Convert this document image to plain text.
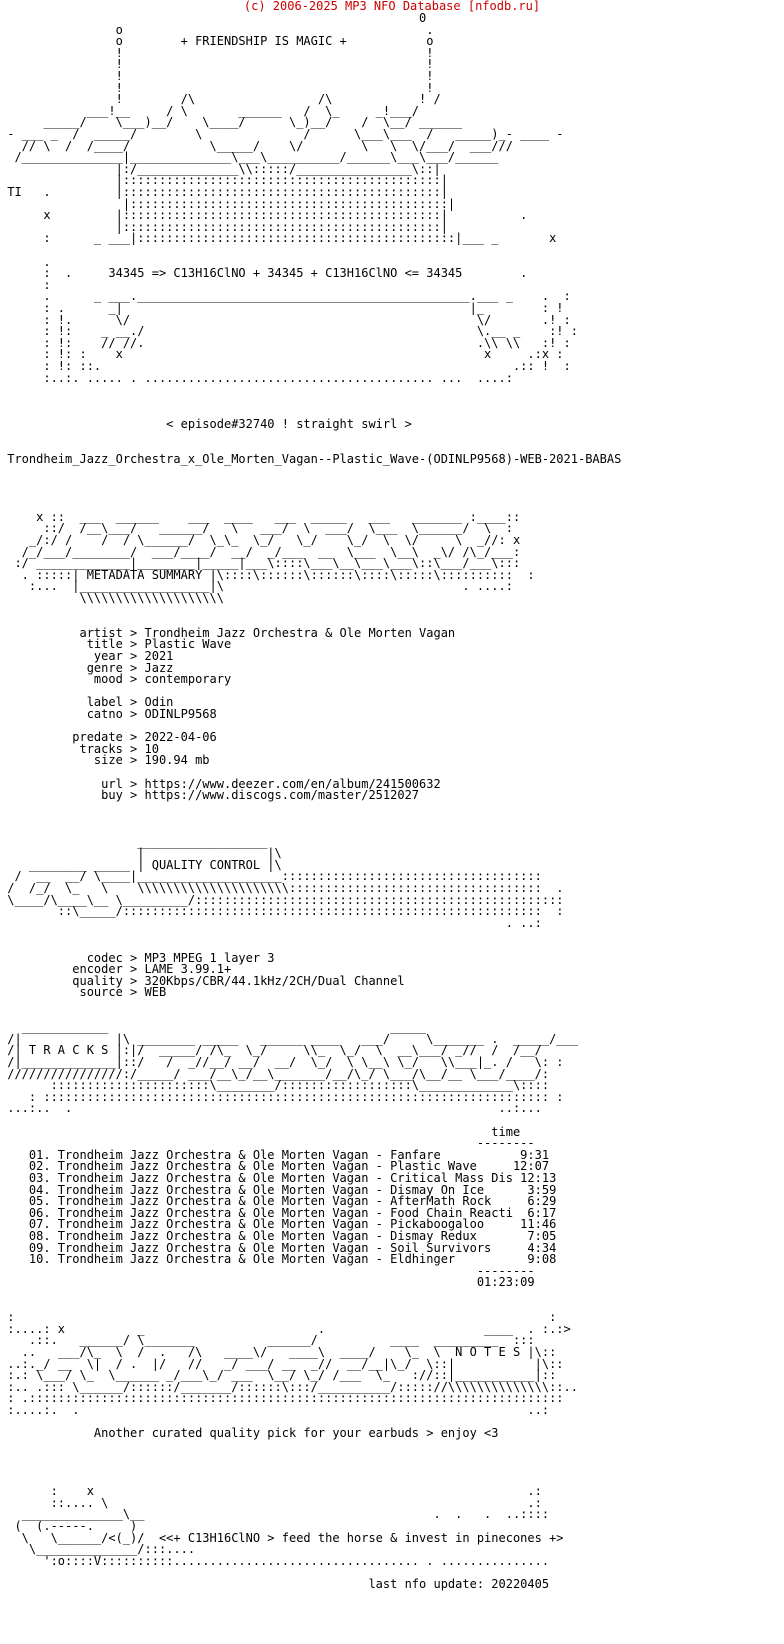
(c) 2006-2025 MP3 NFO Database [nfodb.ru]
0
o                                          .
o        + FRIENDSHIP IS MAGIC +           o
!                                          !
!                                          !
!                                          !
!                                          !
!        /\                 /\            ! /
___!__     / \       ______   /  \_     _!___/
_____/    \___)__/    \____/      \_)__/    /  \__/ ______
- ___ _  /  _____/        \              /      \___\___  /   _____)_- ____ -
// \  /  /____/           \_____/    \/        \   \  \/___/  ___///
/______________|______________\___\__________/______\___\___/______
|:/______________\\:::::/________________\::|
|::::::::::::::::::::::::::::::::::::::::::::|
TI   .         |::::::::::::::::::::::::::::::::::::::::::::|
|::::::::::::::::::::::::::::::::::::::::::::|
x         |::::::::::::::::::::::::::::::::::::::::::::|          .
|::::::::::::::::::::::::::::::::::::::::::::|
:      _ ___|::::::::::::::::::::::::::::::::::::::::::::|___ _       x
.
:  .     34345 => C13H16ClNO + 34345 + C13H16ClNO <= 34345        .
:
.      _ ___.______________________________________________.___ _    .  :
: .      _|                                                |_        : !
: !.      \/                                                \/       .! :
: !:    _ __./                                              \.__ _    :! :
: !:    // //.                                              .\\ \\   :! :
: !: :    x                                                  x     .:x :
: !: ::.                                                         .:: !  :
:..:. ..... . ........................................ ...  ....:
< episode#32740 ! straight swirl >
Trondheim_Jazz_Orchestra_x_Ole_Morten_Vagan--Plastic_Wave-(ODINLP9568)-WEB-2021-BABAS
x ::  ___  ______    ___  ____   ___  _____   ___   _______ :____::
::/  /__\___/   ______/   \   ___/  \  ___/  \___  \______/  \  :
_/:/ /    /  / \______/  \_\_  \_/   \_/    \_/  \  \/     \  _//: x
/_/___/________/  ___/____/  __/  _/___  __  \___  \__\  _\/ /\_/___:
:/ _____________|________|_____|___\::::\___\__\___\___\::\___/___\:::
. :::::| METADATA SUMMARY |\::::\::::::\::::::\::::\:::::\::::::::::  :
:...  |__________________|\                                 . ....:
\\\\\\\\\\\\\\\\\\\\
artist > Trondheim Jazz Orchestra & Ole Morten Vagan
title > Plastic Wave
year > 2021
genre > Jazz
mood > contemporary
label > Odin
catno > ODINLP9568
predate > 2022-04-06
tracks > 10
size > 190.94 mb
url > https://www.deezer.com/en/album/241500632
buy > https://www.discogs.com/master/2512027
__________________
|                 |\
________ _____ | QUALITY CONTROL |\
/  __  __/ \____|____________________::::::::::::::::::::::::::::::::::::
/  /_/  \_   \    \\\\\\\\\\\\\\\\\\\\\:::::::::::::::::::::::::::::::::::  .
\____/\____\__ \_________/:::::::::::::::::::::::::::::::::::::::::::::::::::
::\_____/::::::::::::::::::::::::::::::::::::::::::::::::::::::::::  :
. ..:
codec > MP3 MPEG 1 layer 3
encoder > LAME 3.99.1+
quality > 320Kbps/CBR/44.1kHz/2CH/Dual Channel
source > WEB
____________                                       _____
/|             |\ ________ _____   ______ ____   ___/     \_______ .  _____/___
/| T R A C K S |:|/  _____/ /\_  \_/     \\_  \_/  \  __\___/ _//  /  /__/
/|_____________|::/   /  _//__/ __/  __/  \_/  \ \__\ \_/   \\___|_. /   \: :
////////////////:/_____/ ___/__\_/__\_______/__/\_/ \___/\__/__ \___/____/:
::::::::::::::::::::::\________/::::::::::::::::::\_____________\::::
: :::::::::::::::::::::::::::::::::::::::::::::::::::::::::::::::::::::: :
...:..  .                                                           ..:...
time
--------
01. Trondheim Jazz Orchestra & Ole Morten Vagan - Fanfare           9:31
02. Trondheim Jazz Orchestra & Ole Morten Vagan - Plastic Wave     12:07
03. Trondheim Jazz Orchestra & Ole Morten Vagan - Critical Mass Dis 12:13
04. Trondheim Jazz Orchestra & Ole Morten Vagan - Dismay On Ice      3:59
05. Trondheim Jazz Orchestra & Ole Morten Vagan - AfterMath Rock     6:29
06. Trondheim Jazz Orchestra & Ole Morten Vagan - Food Chain Reacti  6:17
07. Trondheim Jazz Orchestra & Ole Morten Vagan - Pickaboogaloo     11:46
08. Trondheim Jazz Orchestra & Ole Morten Vagan - Dismay Redux       7:05
09. Trondheim Jazz Orchestra & Ole Morten Vagan - Soil Survivors     4:34
10. Trondheim Jazz Orchestra & Ole Morten Vagan - Eldhinger          9:08
--------
01:23:09
:                                                                          :
:....: x          _                        .                      ____  . :.:>
.::.   ______/ \_______          ______/          ____  _________  :::
..   ___/\_  \  /  .   /\   ____\/   ____\  ____/    \_  \  N O T E S |\::
..:._/ __  \|  / .  |/   //   _/ ___/ __  _//  __/__|\_/  \::|           |\::
:.: \___/ \_  \______ _/___\_/ ___  \__/ \_/ /___  \_   ://::|___________|::
:.. .::: \______/::::::/_______/::::::\:::/__________/::::://\\\\\\\\\\\\\\::..
: .::::::::::::::::::::::::::::::::::::::::::::::::::::::::::::::::::::::::::
:....:.  .                                                              ..:
Another curated quality pick for your earbuds > enjoy <3
:    x                                                            .:
::.... \                                                          .:
______________\__                                        .  .   .  ..::::
(  (.-----.     )
\   \______/<(_)/  <<+ C13H16ClNO > feed the horse & invest in pinecones +>
\______________/:::....
':o::::V::::::::::.................................. . ...............
last nfo update: 20220405
